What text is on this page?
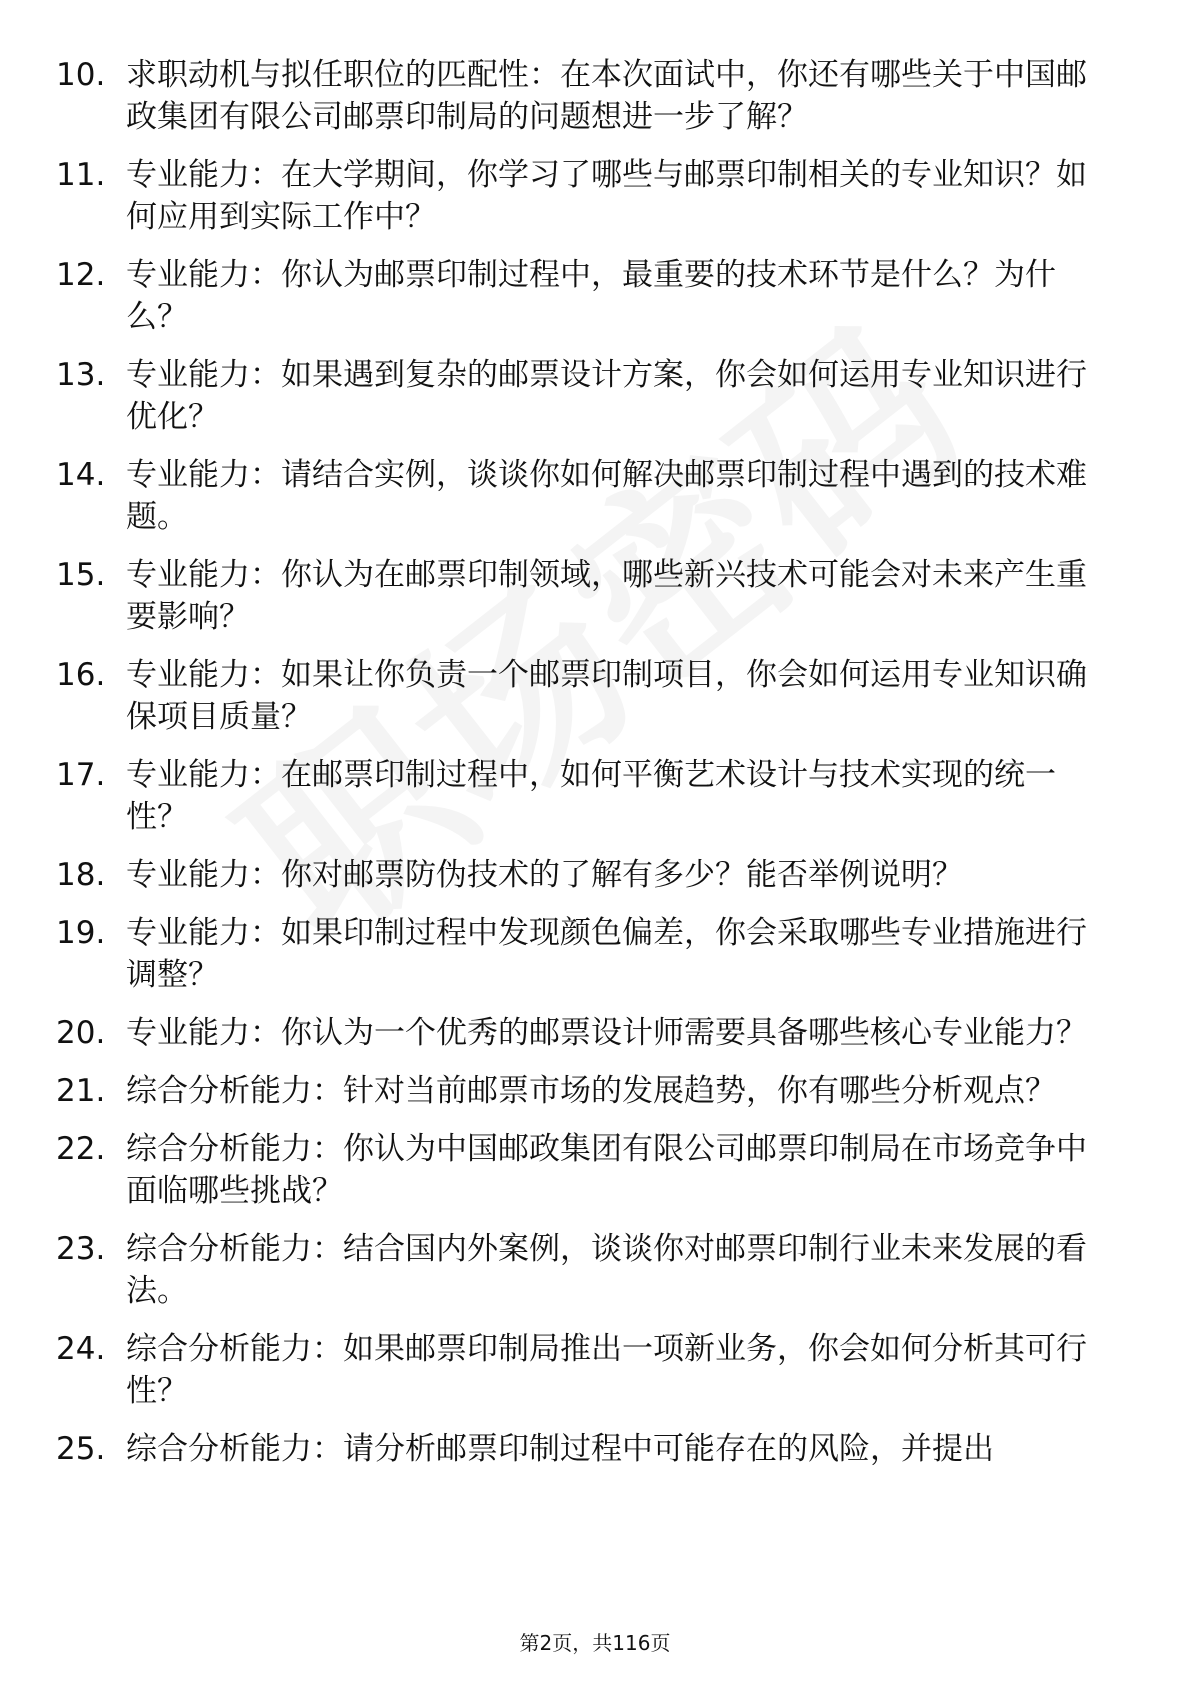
10. 求职动机与拟任职位的匹配性：在本次面试中，你还有哪些关于中国邮政集团有限公司邮票印制局的问题想进一步了解？
11. 专业能力：在大学期间，你学习了哪些与邮票印制相关的专业知识？如何应用到实际工作中？
12. 专业能力：你认为邮票印制过程中，最重要的技术环节是什么？为什么？
13. 专业能力：如果遇到复杂的邮票设计方案，你会如何运用专业知识进行优化？
14. 专业能力：请结合实例，谈谈你如何解决邮票印制过程中遇到的技术难题。
15. 专业能力：你认为在邮票印制领域，哪些新兴技术可能会对未来产生重要影响？
16. 专业能力：如果让你负责一个邮票印制项目，你会如何运用专业知识确保项目质量？
17. 专业能力：在邮票印制过程中，如何平衡艺术设计与技术实现的统一性？
18. 专业能力：你对邮票防伪技术的了解有多少？能否举例说明？
19. 专业能力：如果印制过程中发现颜色偏差，你会采取哪些专业措施进行调整？
20. 专业能力：你认为一个优秀的邮票设计师需要具备哪些核心专业能力？
21. 综合分析能力：针对当前邮票市场的发展趋势，你有哪些分析观点？
22. 综合分析能力：你认为中国邮政集团有限公司邮票印制局在市场竞争中面临哪些挑战？
23. 综合分析能力：结合国内外案例，谈谈你对邮票印制行业未来发展的看法。
24. 综合分析能力：如果邮票印制局推出一项新业务，你会如何分析其可行性？
25. 综合分析能力：请分析邮票印制过程中可能存在的风险，并提出
第2页，共116页
